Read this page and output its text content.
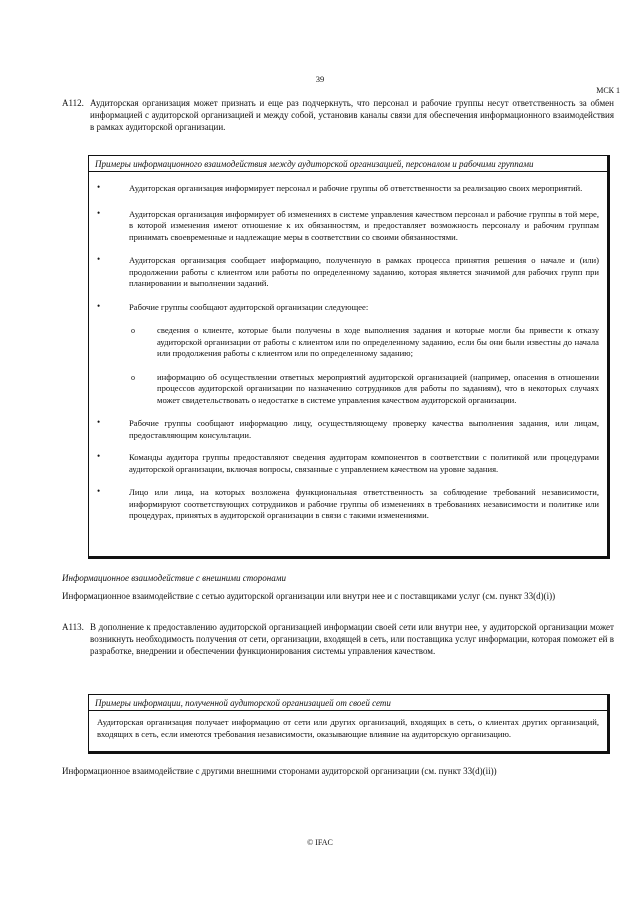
39
МСК 1
A112. Аудиторская организация может признать и еще раз подчеркнуть, что персонал и рабочие группы несут ответственность за обмен информацией с аудиторской организацией и между собой, установив каналы связи для обеспечения информационного взаимодействия в рамках аудиторской организации.
Примеры информационного взаимодействия между аудиторской организацией, персоналом и рабочими группами
•	Аудиторская организация информирует персонал и рабочие группы об ответственности за реализацию своих мероприятий.
•	Аудиторская организация информирует об изменениях в системе управления качеством персонал и рабочие группы в той мере, в которой изменения имеют отношение к их обязанностям, и предоставляет возможность персоналу и рабочим группам принимать своевременные и надлежащие меры в соответствии со своими обязанностями.
•	Аудиторская организация сообщает информацию, полученную в рамках процесса принятия решения о начале и (или) продолжении работы с клиентом или работы по определенному заданию, которая является значимой для рабочих групп при планировании и выполнении заданий.
•	Рабочие группы сообщают аудиторской организации следующее:
o	сведения о клиенте, которые были получены в ходе выполнения задания и которые могли бы привести к отказу аудиторской организации от работы с клиентом или по определенному заданию, если бы они были известны до начала или продолжения работы с клиентом или по определенному заданию;
o	информацию об осуществлении ответных мероприятий аудиторской организацией (например, опасения в отношении процессов аудиторской организации по назначению сотрудников для работы по заданиям), что в некоторых случаях может свидетельствовать о недостатке в системе управления качеством аудиторской организации.
•	Рабочие группы сообщают информацию лицу, осуществляющему проверку качества выполнения задания, или лицам, предоставляющим консультации.
•	Команды аудитора группы предоставляют сведения аудиторам компонентов в соответствии с политикой или процедурами аудиторской организации, включая вопросы, связанные с управлением качеством на уровне задания.
•	Лицо или лица, на которых возложена функциональная ответственность за соблюдение требований независимости, информируют соответствующих сотрудников и рабочие группы об изменениях в требованиях независимости и политике или процедурах, принятых в аудиторской организации в связи с такими изменениями.
Информационное взаимодействие с внешними сторонами
Информационное взаимодействие с сетью аудиторской организации или внутри нее и с поставщиками услуг (см. пункт 33(d)(i))
A113. В дополнение к предоставлению аудиторской организацией информации своей сети или внутри нее, у аудиторской организации может возникнуть необходимость получения от сети, организации, входящей в сеть, или поставщика услуг информации, которая поможет ей в разработке, внедрении и обеспечении функционирования системы управления качеством.
Примеры информации, полученной аудиторской организацией от своей сети
Аудиторская организация получает информацию от сети или других организаций, входящих в сеть, о клиентах других организаций, входящих в сеть, если имеются требования независимости, оказывающие влияние на аудиторскую организацию.
Информационное взаимодействие с другими внешними сторонами аудиторской организации (см. пункт 33(d)(ii))
© IFAC
